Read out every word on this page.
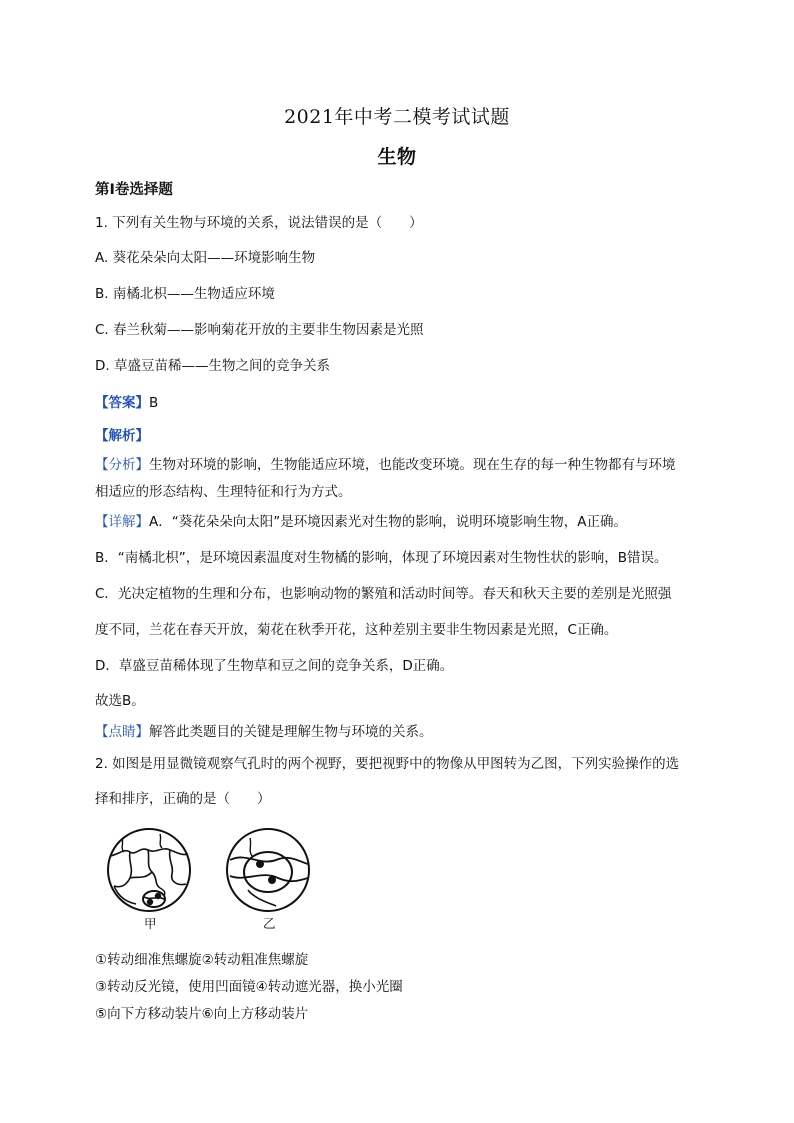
2021年中考二模考试试题
生物
第I卷选择题
1. 下列有关生物与环境的关系，说法错误的是（　　）
A. 葵花朵朵向太阳——环境影响生物
B. 南橘北枳——生物适应环境
C. 春兰秋菊——影响菊花开放的主要非生物因素是光照
D. 草盛豆苗稀——生物之间的竞争关系
【答案】B
【解析】
【分析】生物对环境的影响，生物能适应环境，也能改变环境。现在生存的每一种生物都有与环境
相适应的形态结构、生理特征和行为方式。
【详解】A．“葵花朵朵向太阳”是环境因素光对生物的影响，说明环境影响生物，A正确。
B．“南橘北枳”，是环境因素温度对生物橘的影响，体现了环境因素对生物性状的影响，B错误。
C．光决定植物的生理和分布，也影响动物的繁殖和活动时间等。春天和秋天主要的差别是光照强
度不同，兰花在春天开放，菊花在秋季开花，这种差别主要非生物因素是光照，C正确。
D．草盛豆苗稀体现了生物草和豆之间的竞争关系，D正确。
故选B。
【点睛】解答此类题目的关键是理解生物与环境的关系。
2. 如图是用显微镜观察气孔时的两个视野，要把视野中的物像从甲图转为乙图，下列实验操作的选
择和排序，正确的是（　　）
甲	乙
①转动细准焦螺旋②转动粗准焦螺旋
③转动反光镜，使用凹面镜④转动遮光器，换小光圈
⑤向下方移动装片⑥向上方移动装片
